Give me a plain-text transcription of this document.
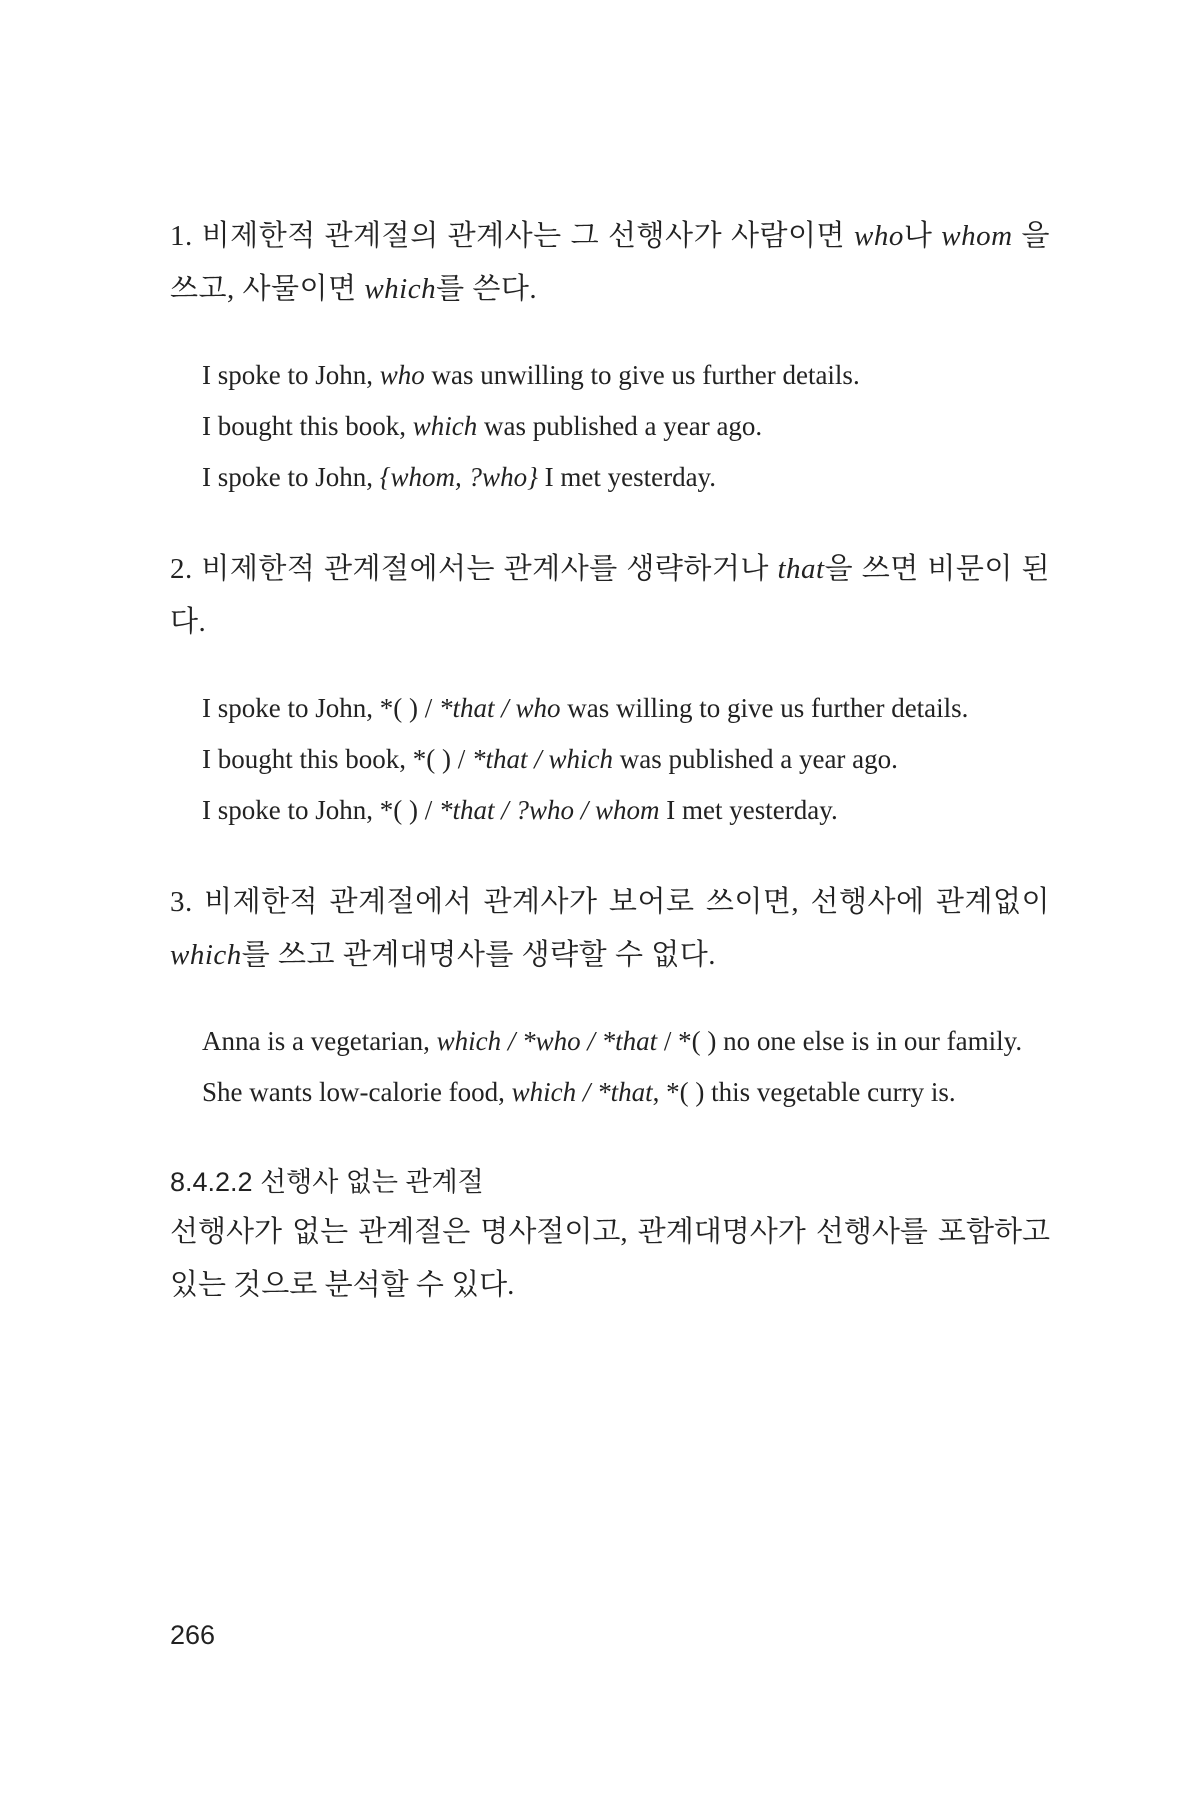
1. 비제한적 관계절의 관계사는 그 선행사가 사람이면 who나 whom 을 쓰고, 사물이면 which를 쓴다.

I spoke to John, who was unwilling to give us further details.

I bought this book, which was published a year ago.

I spoke to John, {whom, ?who} I met yesterday.

2. 비제한적 관계절에서는 관계사를 생략하거나 that을 쓰면 비문이 된다.

I spoke to John, *( ) / *that / who was willing to give us further details.

I bought this book, *( ) / *that / which was published a year ago.

I spoke to John, *( ) / *that / ?who / whom I met yesterday.

3. 비제한적 관계절에서 관계사가 보어로 쓰이면, 선행사에 관계없이 which를 쓰고 관계대명사를 생략할 수 없다.

Anna is a vegetarian, which / *who / *that / *( ) no one else is in our family.

She wants low-calorie food, which / *that, *( ) this vegetable curry is.

8.4.2.2 선행사 없는 관계절

선행사가 없는 관계절은 명사절이고, 관계대명사가 선행사를 포함하고 있는 것으로 분석할 수 있다.

266
